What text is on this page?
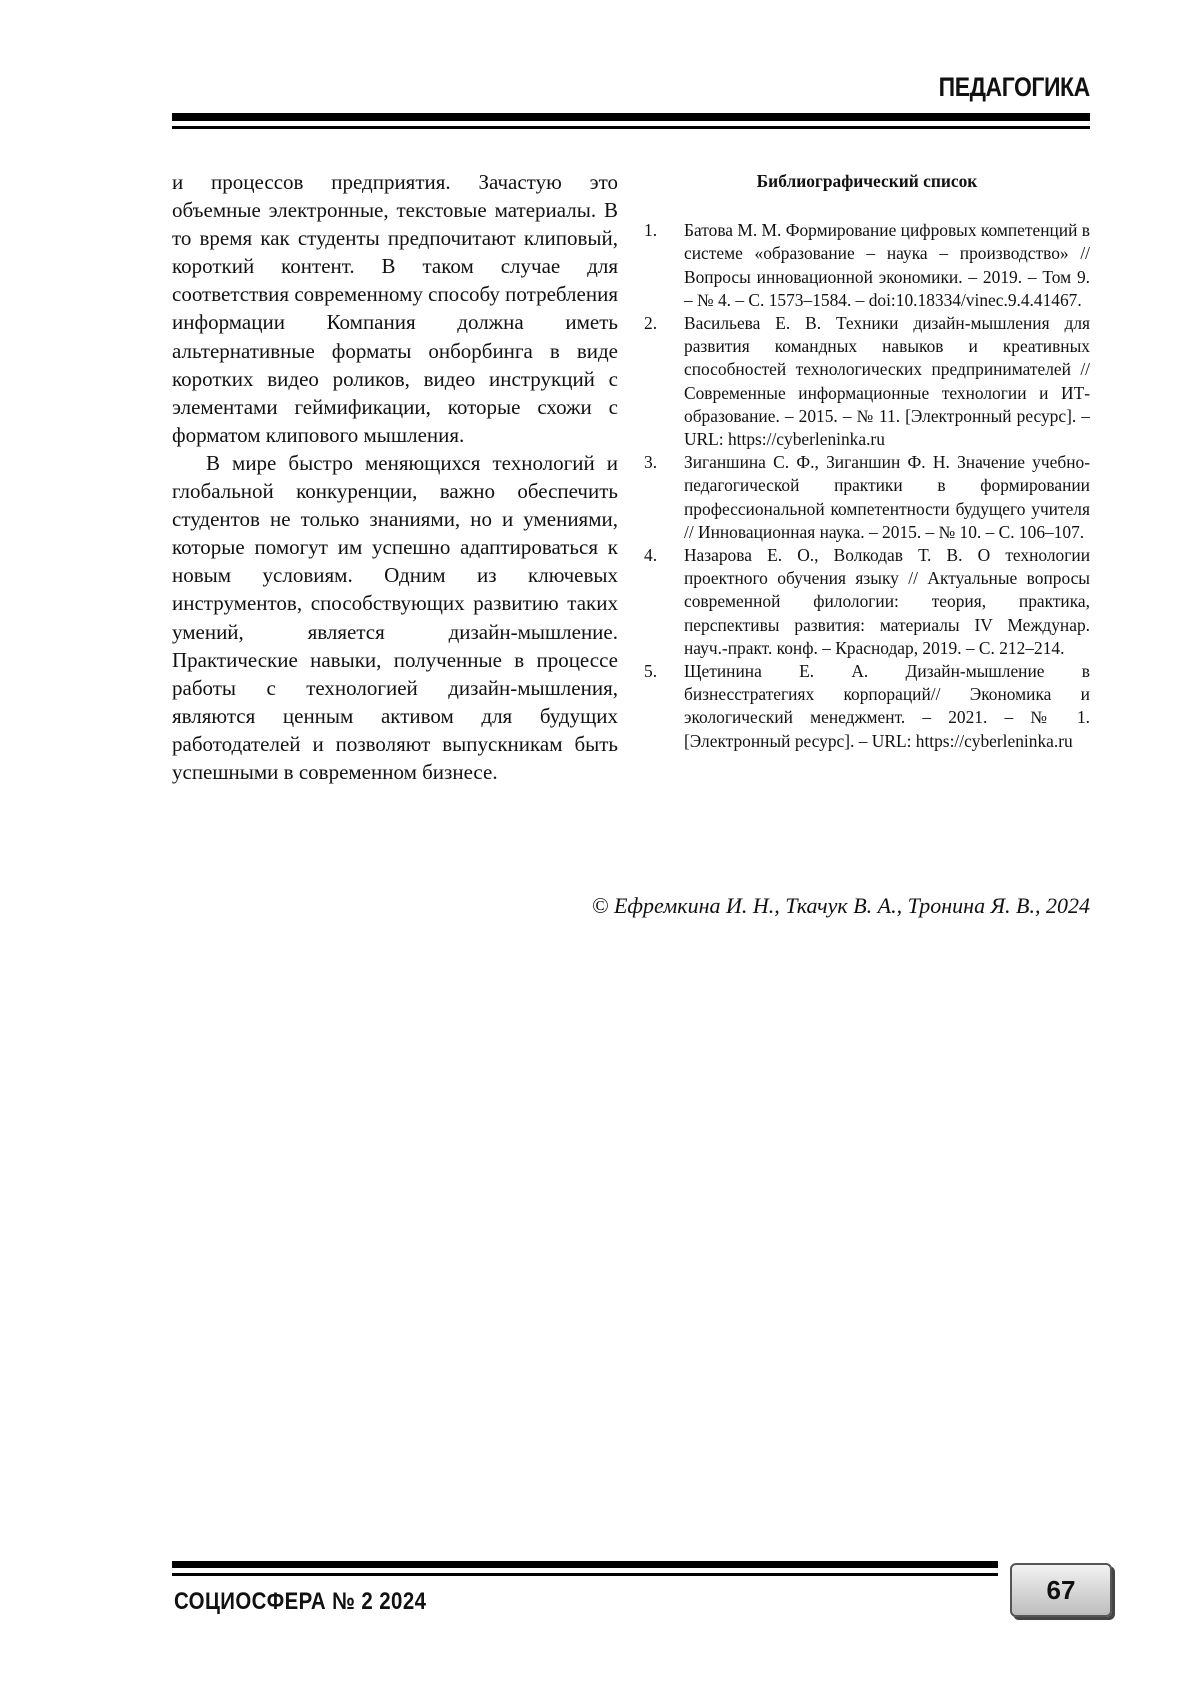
ПЕДАГОГИКА

и процессов предприятия. Зачастую это объемные электронные, текстовые материалы. В то время как студенты предпочитают клиповый, короткий контент. В таком случае для соответствия современному способу потребления информации Компания должна иметь альтернативные форматы онборбинга в виде коротких видео роликов, видео инструкций с элементами геймификации, которые схожи с форматом клипового мышления.

В мире быстро меняющихся технологий и глобальной конкуренции, важно обеспечить студентов не только знаниями, но и умениями, которые помогут им успешно адаптироваться к новым условиям. Одним из ключевых инструментов, способствующих развитию таких умений, является дизайн-мышление. Практические навыки, полученные в процессе работы с технологией дизайн-мышления, являются ценным активом для будущих работодателей и позволяют выпускникам быть успешными в современном бизнесе.

Библиографический список
1. Батова М. М. Формирование цифровых компетенций в системе «образование – наука – производство» // Вопросы инновационной экономики. – 2019. – Том 9. – № 4. – С. 1573–1584. – doi:10.18334/vinec.9.4.41467.
2. Васильева Е. В. Техники дизайн-мышления для развития командных навыков и креативных способностей технологических предпринимателей // Современные информационные технологии и ИТ-образование. – 2015. – № 11. [Электронный ресурс]. – URL: https://cyberleninka.ru
3. Зиганшина С. Ф., Зиганшин Ф. Н. Значение учебно-педагогической практики в формировании профессиональной компетентности будущего учителя // Инновационная наука. – 2015. – № 10. – С. 106–107.
4. Назарова Е. О., Волкодав Т. В. О технологии проектного обучения языку // Актуальные вопросы современной филологии: теория, практика, перспективы развития: материалы IV Междунар. науч.-практ. конф. – Краснодар, 2019. – С. 212–214.
5. Щетинина Е. А. Дизайн-мышление в бизнесстратегиях корпораций// Экономика и экологический менеджмент. – 2021. – № 1. [Электронный ресурс]. – URL: https://cyberleninka.ru
© Ефремкина И. Н., Ткачук В. А., Тронина Я. В., 2024
СОЦИОСФЕРА № 2 2024	67
